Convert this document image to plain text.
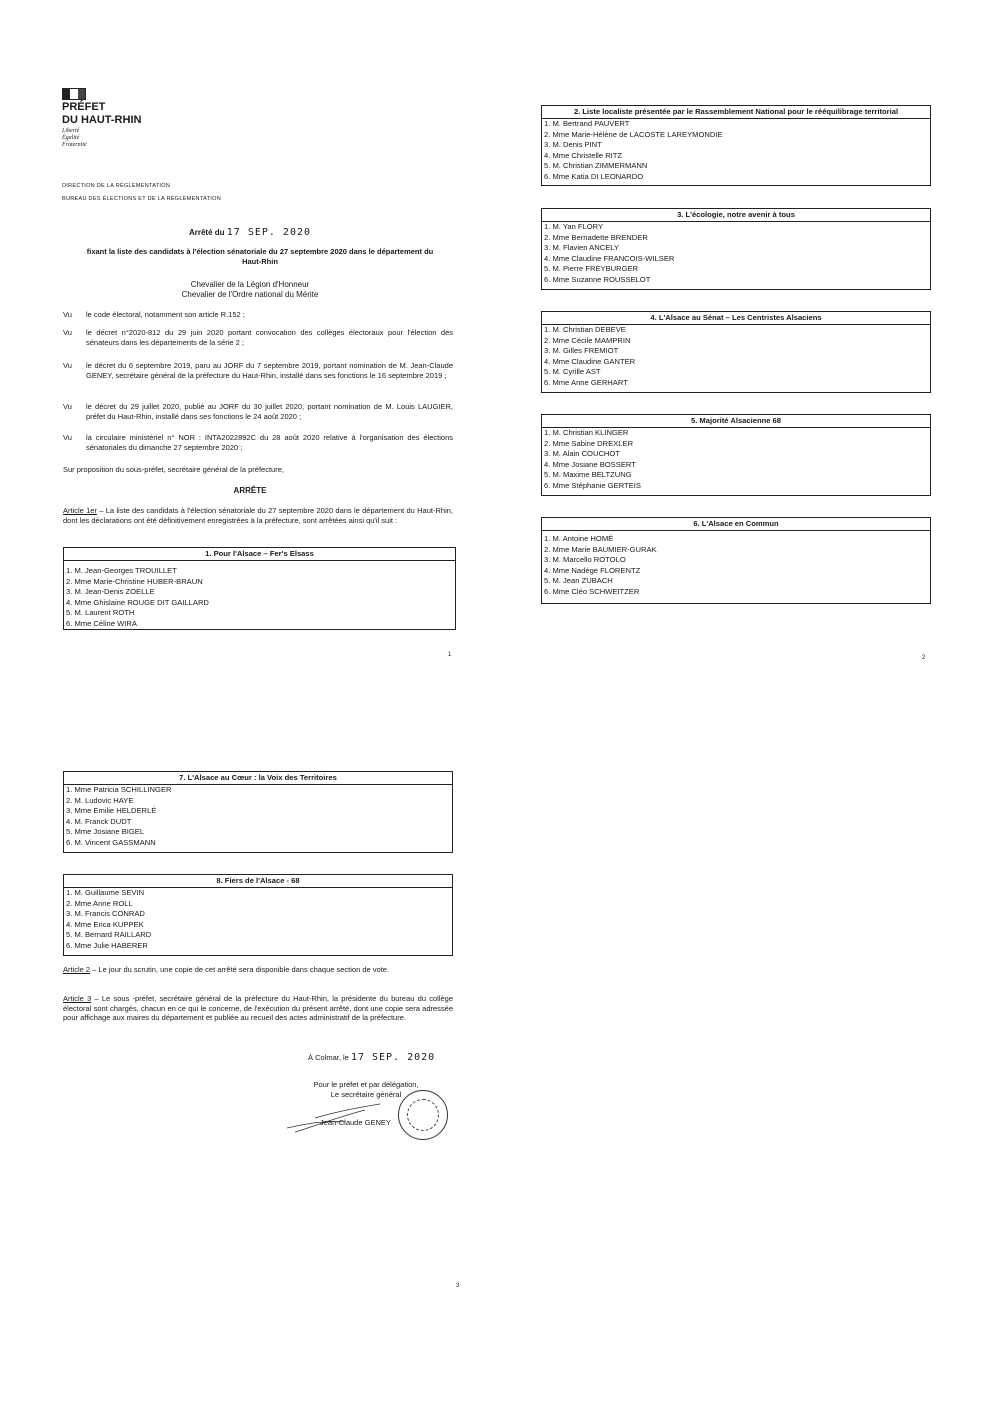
PRÉFET
DU HAUT-RHIN
Liberté
Égalité
Fraternité
DIRECTION DE LA RÉGLEMENTATION
BUREAU DES ÉLECTIONS ET DE LA RÉGLEMENTATION
Arrêté du 17 SEP. 2020
fixant la liste des candidats à l'élection sénatoriale du 27 septembre 2020 dans le département du Haut-Rhin
Chevalier de la Légion d'Honneur
Chevalier de l'Ordre national du Mérite
Vu le code électoral, notamment son article R.152 ;
Vu le décret n°2020-812 du 29 juin 2020 portant convocation des collèges électoraux pour l'élection des sénateurs dans les départements de la série 2 ;
Vu le décret du 6 septembre 2019, paru au JORF du 7 septembre 2019, portant nomination de M. Jean-Claude GENEY, secrétaire général de la préfecture du Haut-Rhin, installé dans ses fonctions le 16 septembre 2019 ;
Vu le décret du 29 juillet 2020, publié au JORF du 30 juillet 2020, portant nomination de M. Louis LAUGIER, préfet du Haut-Rhin, installé dans ses fonctions le 24 août 2020 ;
Vu la circulaire ministériel n° NOR : INTA2022892C du 28 août 2020 relative à l'organisation des élections sénatoriales du dimanche 27 septembre 2020 ;
Sur proposition du sous-préfet, secrétaire général de la préfecture,
ARRÊTE
Article 1er – La liste des candidats à l'élection sénatoriale du 27 septembre 2020 dans le département du Haut-Rhin, dont les déclarations ont été définitivement enregistrées à la préfecture, sont arrêtées ainsi qu'il suit :
1. Pour l'Alsace – Fer's Elsass
1. M. Jean-Georges TROUILLET
2. Mme Marie-Christine HUBER-BRAUN
3. M. Jean-Denis ZOELLE
4. Mme Ghislaine ROUGE DIT GAILLARD
5. M. Laurent ROTH
6. Mme Céline WIRA
1
2. Liste localiste présentée par le Rassemblement National pour le rééquilibrage territorial
1. M. Bertrand PAUVERT
2. Mme Marie-Hélène de LACOSTE LAREYMONDIE
3. M. Denis PINT
4. Mme Christelle RITZ
5. M. Christian ZIMMERMANN
6. Mme Katia DI LEONARDO
3. L'écologie, notre avenir à tous
1. M. Yan FLORY
2. Mme Bernadette BRENDER
3. M. Flavien ANCELY
4. Mme Claudine FRANCOIS-WILSER
5. M. Pierre FREYBURGER
6. Mme Suzanne ROUSSELOT
4. L'Alsace au Sénat – Les Centristes Alsaciens
1. M. Christian DEBEVE
2. Mme Cécile MAMPRIN
3. M. Gilles FREMIOT
4. Mme Claudine GANTER
5. M. Cyrille AST
6. Mme Anne GERHART
5. Majorité Alsacienne 68
1. M. Christian KLINGER
2. Mme Sabine DREXLER
3. M. Alain COUCHOT
4. Mme Josiane BOSSERT
5. M. Maxime BELTZUNG
6. Mme Stéphanie GERTEIS
6. L'Alsace en Commun
1. M. Antoine HOMÉ
2. Mme Marie BAUMIER-GURAK
3. M. Marcello ROTOLO
4. Mme Nadège FLORENTZ
5. M. Jean ZUBACH
6. Mme Cléo SCHWEITZER
2
7. L'Alsace au Cœur : la Voix des Territoires
1. Mme Patricia SCHILLINGER
2. M. Ludovic HAYE
3. Mme Emilie HELDERLÉ
4. M. Franck DUDT
5. Mme Josiane BIGEL
6. M. Vincent GASSMANN
8. Fiers de l'Alsace - 68
1. M. Guillaume SEVIN
2. Mme Anne ROLL
3. M. Francis CONRAD
4. Mme Erica KUPPEK
5. M. Bernard RAILLARD
6. Mme Julie HABERER
Article 2 – Le jour du scrutin, une copie de cet arrêté sera disponible dans chaque section de vote.
Article 3 – Le sous -préfet, secrétaire général de la préfecture du Haut-Rhin, la présidente du bureau du collège électoral sont chargés, chacun en ce qui le concerne, de l'exécution du présent arrêté, dont une copie sera adressée pour affichage aux maires du département et publiée au recueil des actes administratif de la préfecture.
À Colmar, le 17 SEP. 2020
Pour le préfet et par délégation,
Le secrétaire général
Jean-Claude GENEY
3
